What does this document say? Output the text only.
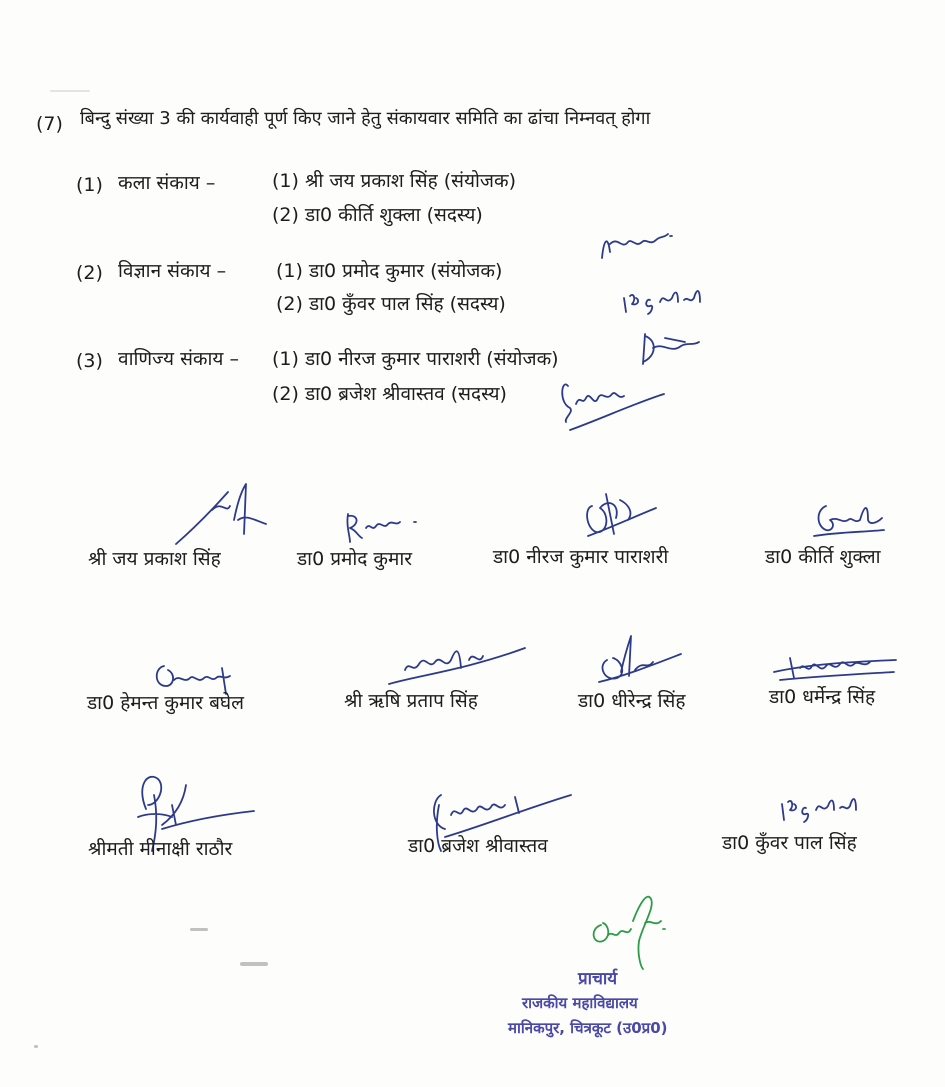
(7) बिन्दु संख्या 3 की कार्यवाही पूर्ण किए जाने हेतु संकायवार समिति का ढांचा निम्नवत् होगा
(1) कला संकाय –	(1) श्री जय प्रकाश सिंह (संयोजक)
(2) डा0 कीर्ति शुक्ला (सदस्य)
(2) विज्ञान संकाय –	(1) डा0 प्रमोद कुमार (संयोजक)
(2) डा0 कुँवर पाल सिंह (सदस्य)
(3) वाणिज्य संकाय – (1) डा0 नीरज कुमार पाराशरी (संयोजक)
(2) डा0 ब्रजेश श्रीवास्तव (सदस्य)
श्री जय प्रकाश सिंह	डा0 प्रमोद कुमार	डा0 नीरज कुमार पाराशरी	डा0 कीर्ति शुक्ला
डा0 हेमन्त कुमार बघेल	श्री ऋषि प्रताप सिंह	डा0 धीरेन्द्र सिंह	डा0 धर्मेन्द्र सिंह
श्रीमती मीनाक्षी राठौर	डा0 ब्रजेश श्रीवास्तव	डा0 कुँवर पाल सिंह
प्राचार्य
राजकीय महाविद्यालय
मानिकपुर, चित्रकूट (उ0प्र0)
